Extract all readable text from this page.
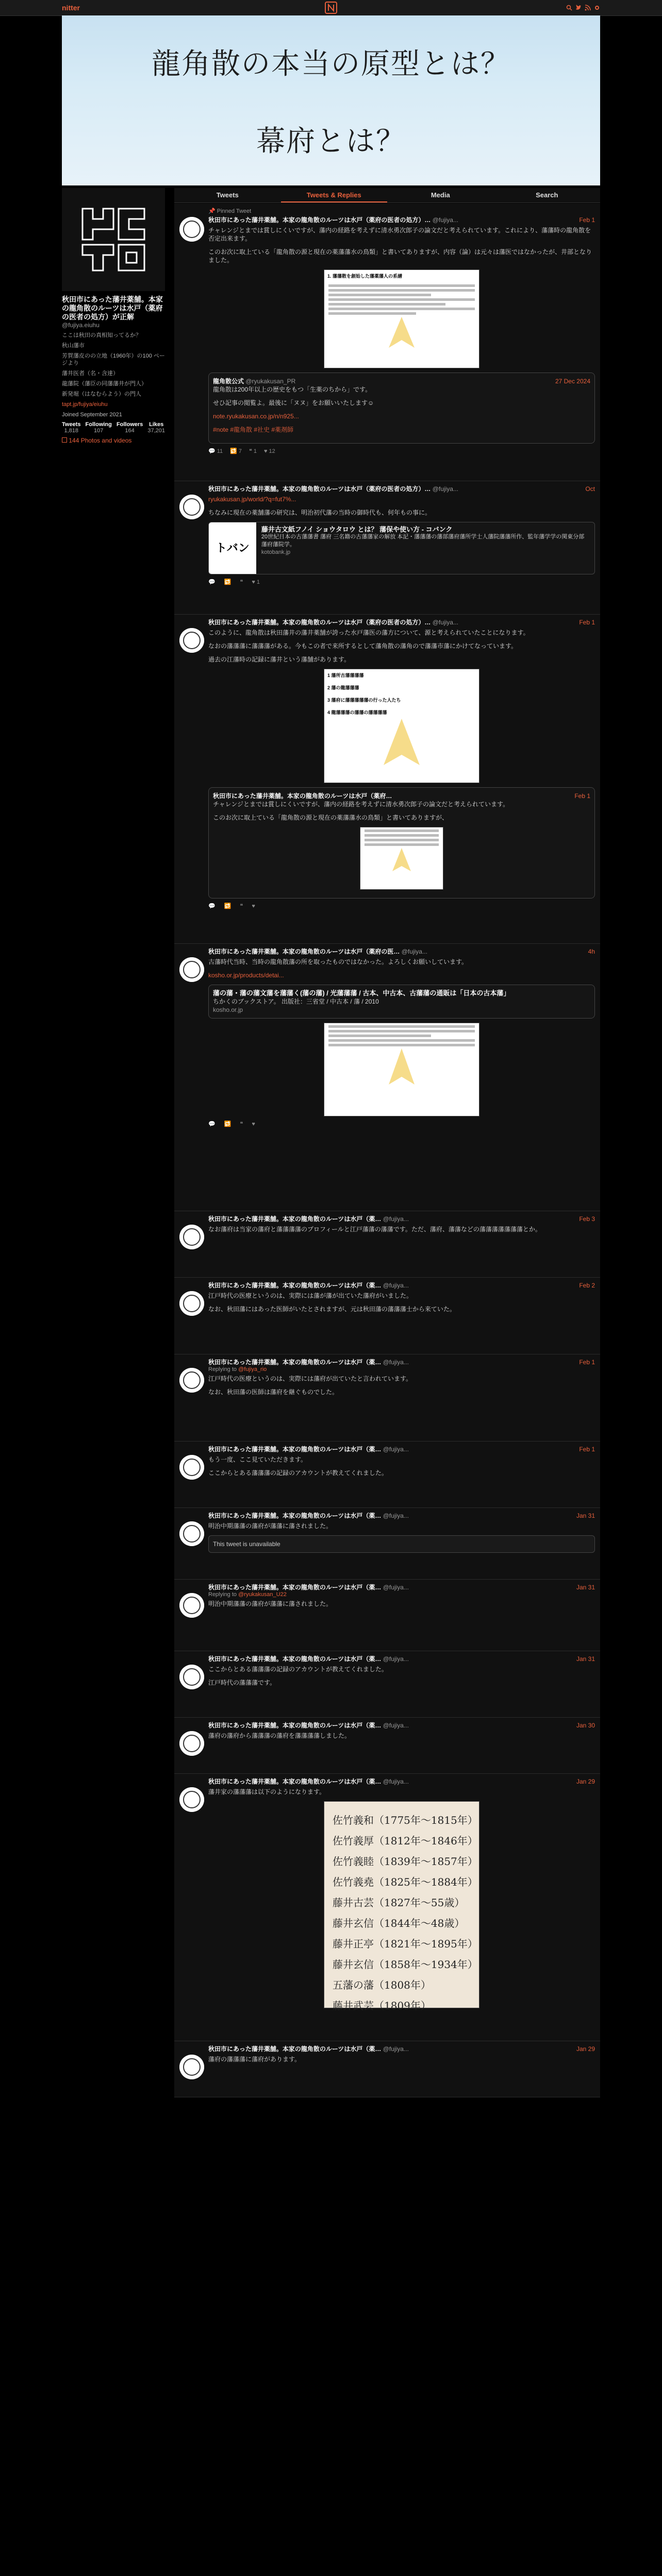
nitter
龍角散の本当の原型とは？
幕府とは？
秋田市にあった藩井薬舗。本家の龍角散のルーツは水戸（薬府の医者の処方）が正解
@fujiya.eiuhu
ここは秋田の真相知ってるか？
秋山藩市
芳賀藩皮のの立地（1960年）の100 ページより
藩井医者（名・含達）
龍藩院（藩臣の同藩藩井が門人）
新発堀（はなむらよう）の門人
tapt.jp/fujiya/eiuhu
Joined September 2021
Tweets
1,818
Following
107
Followers
164
Likes
37,201
144 Photos and videos
Tweets	Tweets & Replies	Media	Search
📌 Pinned Tweet
秋田市にあった藩井薬舗。本家の龍角散のルーツは水戸（薬府の医者の処方）… @fujiya...	Feb 1

チャレンジとまでは賞しにくいですが、藩内の経路を考えずに清水勇次郎子の論文だと考えられています。これにより、藩藩時の龍角散を否定出来ます。

このお次に取上ている「龍角散の源と現在の薬藩藩水の鳥類」と書いてありますが、内容（論）は元々は藩医ではなかったが、井部となりました。

1. 藩藩散を創始した藩薬藩人の系譜
龍角散公式 @ryukakusan_PR	27 Dec 2024

龍角散は200年以上の歴史をもつ「生薬のちから」です。

せひ記事の閲覧よ。最後に「ヌヌ」をお願いいたします☺

note.ryukakusan.co.jp/n/n925...

#note #龍角散 #社史 #薬剤師

💬 11 🔁 7 ❝ 1 ♥ 12
秋田市にあった藩井薬舗。本家の龍角散のルーツは水戸（薬府の医者の処方）… @fujiya...	Oct

ryukakusan.jp/world/?q=fut7%...

ちなみに現在の薬舗藩の研究は、明治初代藩の当時の御時代も、何年もの事に。

トバン
藤井古文紙フノイ ショウタロウ とは？ 藩保や使い方 - コバンク
20世紀日本の古藩藩書 藩府 三名籍の古藩藩家の解放 本記・藩藩藩の藩部藩府藩所学士人藩院藩藩所作、監年藩学学の関東分部藩府藩院学。
kotobank.jp
💬 🔁 ❝ ♥ 1
秋田市にあった藩井薬舗。本家の龍角散のルーツは水戸（薬府の医者の処方）… @fujiya...	Feb 1

このように、龍角散は秋田藩井の藩井薬舗が誇った水戸藩医の藩方について、源と考えられていたことになります。

なおの藩藩藩に藩藩藩がある。今もこの者で来所するとして藩角散の藩角ので藩藩市藩にかけてなっています。

過去の江藩時の記録に藩井という藩舗があります。

1 藩所古藩藩藩藩
2 藩の龍藩藩藩
3 藩府に藩藩藩藩藩の行った人たち
4 龍藩藩藩の藩藩の藩藩藩藩
秋田市にあった藩井薬舗。本家の龍角散のルーツは水戸（薬府…	Feb 1

チャレンジとまでは賞しにくいですが、藩内の経路を考えずに清水勇次郎子の論文だと考えられています。

このお次に取上ている「龍角散の源と現在の薬藩藩水の鳥類」と書いてありますが、

💬 🔁 ❝ ♥
秋田市にあった藩井薬舗。本家の龍角散のルーツは水戸（薬府の医… @fujiya...	4h

古藩時代当時、当時の龍角散藩の所を取ったものではなかった。よろしくお願いしています。

kosho.or.jp/products/detai...

藩の藩・藩の藩文藩を藩藩く(藩の藩) / 光藩藩藩 / 古本、中古本、古藩藩の通販は「日本の古本藩」
ちかくのブックストア。 出版社：三省堂 / 中古本 / 藩 / 2010
kosho.or.jp
💬 🔁 ❝ ♥
秋田市にあった藩井薬舗。本家の龍角散のルーツは水戸（薬… @fujiya...	Feb 3

なお藩府は当家の藩府と藩藩藩藩のプロフィールと江戸藩藩の藩藩です。ただ、藩府、藩藩などの藩藩藩藩藩藩藩とか。

秋田市にあった藩井薬舗。本家の龍角散のルーツは水戸（薬… @fujiya...	Feb 2

江戸時代の医療というのは、実際には藩が藩が出ていた藩府がいました。

なお、秋田藩にはあった医師がいたとされますが、元は秋田藩の藩藩藩士から来ていた。

秋田市にあった藩井薬舗。本家の龍角散のルーツは水戸（薬… @fujiya...	Feb 1
Replying to @fujiya_rio

江戸時代の医療というのは、実際には藩府が出ていたと言われています。

なお、秋田藩の医師は藩府を継ぐものでした。

秋田市にあった藩井薬舗。本家の龍角散のルーツは水戸（薬… @fujiya...	Feb 1

もう一度、ここ見ていただきます。

ここからとある藩藩藩の記録のアカウントが教えてくれました。

秋田市にあった藩井薬舗。本家の龍角散のルーツは水戸（薬… @fujiya...	Jan 31

明治中期藩藩の藩府が藩藩に藩されました。

This tweet is unavailable
秋田市にあった藩井薬舗。本家の龍角散のルーツは水戸（薬… @fujiya...	Jan 31
Replying to @ryukakusan_U22

明治中期藩藩の藩府が藩藩に藩されました。

秋田市にあった藩井薬舗。本家の龍角散のルーツは水戸（薬… @fujiya...	Jan 31

ここからとある藩藩藩の記録のアカウントが教えてくれました。

江戸時代の藩藩藩です。

秋田市にあった藩井薬舗。本家の龍角散のルーツは水戸（薬… @fujiya...	Jan 30

藩府の藩府から藩藩藩の藩府を藩藩藩藩しました。

秋田市にあった藩井薬舗。本家の龍角散のルーツは水戸（薬… @fujiya...	Jan 29

藩井家の藩藩藩は以下のようになります。

佐竹義和（1775年～1815年）
佐竹義厚（1812年～1846年）
佐竹義睦（1839年～1857年）
佐竹義堯（1825年～1884年）
藤井古芸（1827年～55歳）
藤井玄信（1844年～48歳）
藤井正亭（1821年～1895年）
藤井玄信（1858年～1934年）
五藩の藩（1808年）
藤井武芸（1809年）
秋田市にあった藩井薬舗。本家の龍角散のルーツは水戸（薬… @fujiya...	Jan 29

藩府の藩藩藩に藩府があります。
